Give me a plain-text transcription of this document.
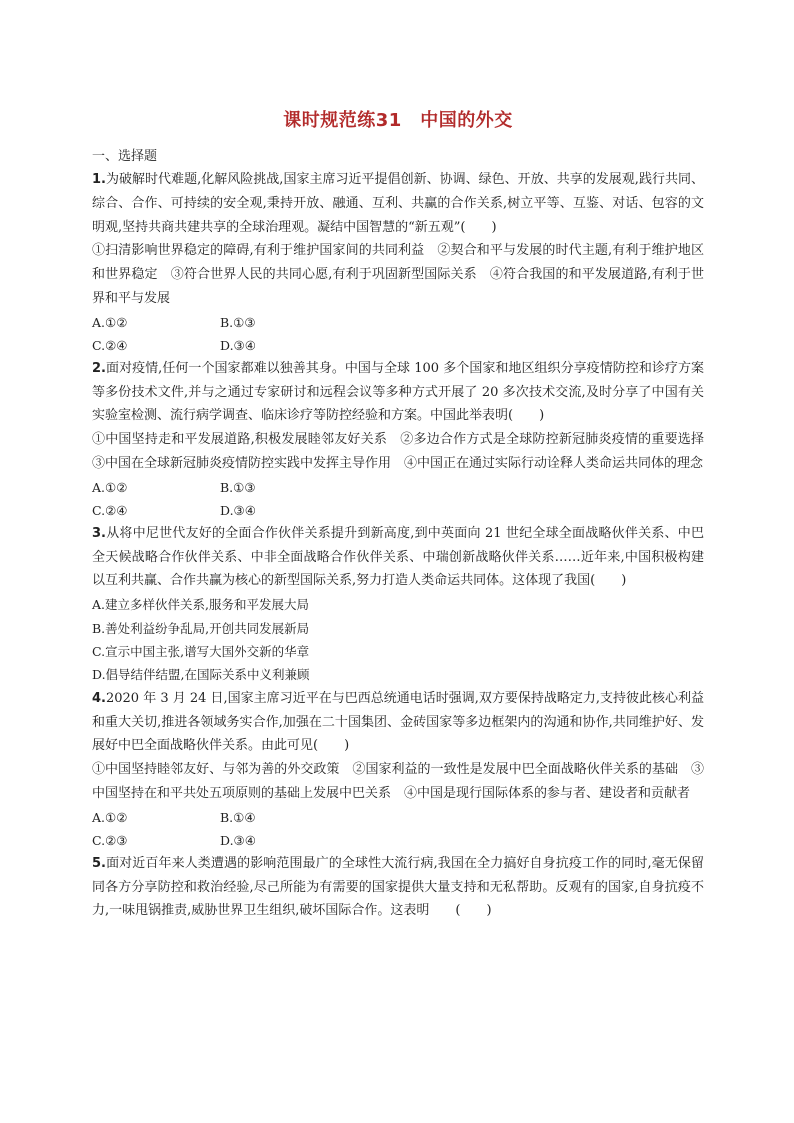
课时规范练31　中国的外交

一、选择题

1.为破解时代难题,化解风险挑战,国家主席习近平提倡创新、协调、绿色、开放、共享的发展观,践行共同、综合、合作、可持续的安全观,秉持开放、融通、互利、共赢的合作关系,树立平等、互鉴、对话、包容的文明观,坚持共商共建共享的全球治理观。凝结中国智慧的“新五观”(　　)

①扫清影响世界稳定的障碍,有利于维护国家间的共同利益　②契合和平与发展的时代主题,有利于维护地区和世界稳定　③符合世界人民的共同心愿,有利于巩固新型国际关系　④符合我国的和平发展道路,有利于世界和平与发展

A.①②	B.①③
C.②④	D.③④

2.面对疫情,任何一个国家都难以独善其身。中国与全球 100 多个国家和地区组织分享疫情防控和诊疗方案等多份技术文件,并与之通过专家研讨和远程会议等多种方式开展了 20 多次技术交流,及时分享了中国有关实验室检测、流行病学调查、临床诊疗等防控经验和方案。中国此举表明(　　)

①中国坚持走和平发展道路,积极发展睦邻友好关系　②多边合作方式是全球防控新冠肺炎疫情的重要选择　③中国在全球新冠肺炎疫情防控实践中发挥主导作用　④中国正在通过实际行动诠释人类命运共同体的理念

A.①②	B.①③
C.②④	D.③④

3.从将中尼世代友好的全面合作伙伴关系提升到新高度,到中英面向 21 世纪全球全面战略伙伴关系、中巴全天候战略合作伙伴关系、中非全面战略合作伙伴关系、中瑞创新战略伙伴关系……近年来,中国积极构建以互利共赢、合作共赢为核心的新型国际关系,努力打造人类命运共同体。这体现了我国(　　)

A.建立多样伙伴关系,服务和平发展大局

B.善处利益纷争乱局,开创共同发展新局

C.宣示中国主张,谱写大国外交新的华章

D.倡导结伴结盟,在国际关系中义利兼顾

4.2020 年 3 月 24 日,国家主席习近平在与巴西总统通电话时强调,双方要保持战略定力,支持彼此核心利益和重大关切,推进各领域务实合作,加强在二十国集团、金砖国家等多边框架内的沟通和协作,共同维护好、发展好中巴全面战略伙伴关系。由此可见(　　)

①中国坚持睦邻友好、与邻为善的外交政策　②国家利益的一致性是发展中巴全面战略伙伴关系的基础　③中国坚持在和平共处五项原则的基础上发展中巴关系　④中国是现行国际体系的参与者、建设者和贡献者

A.①②	B.①④
C.②③	D.③④

5.面对近百年来人类遭遇的影响范围最广的全球性大流行病,我国在全力搞好自身抗疫工作的同时,毫无保留同各方分享防控和救治经验,尽己所能为有需要的国家提供大量支持和无私帮助。反观有的国家,自身抗疫不力,一味甩锅推责,威胁世界卫生组织,破坏国际合作。这表明　　(　　)
